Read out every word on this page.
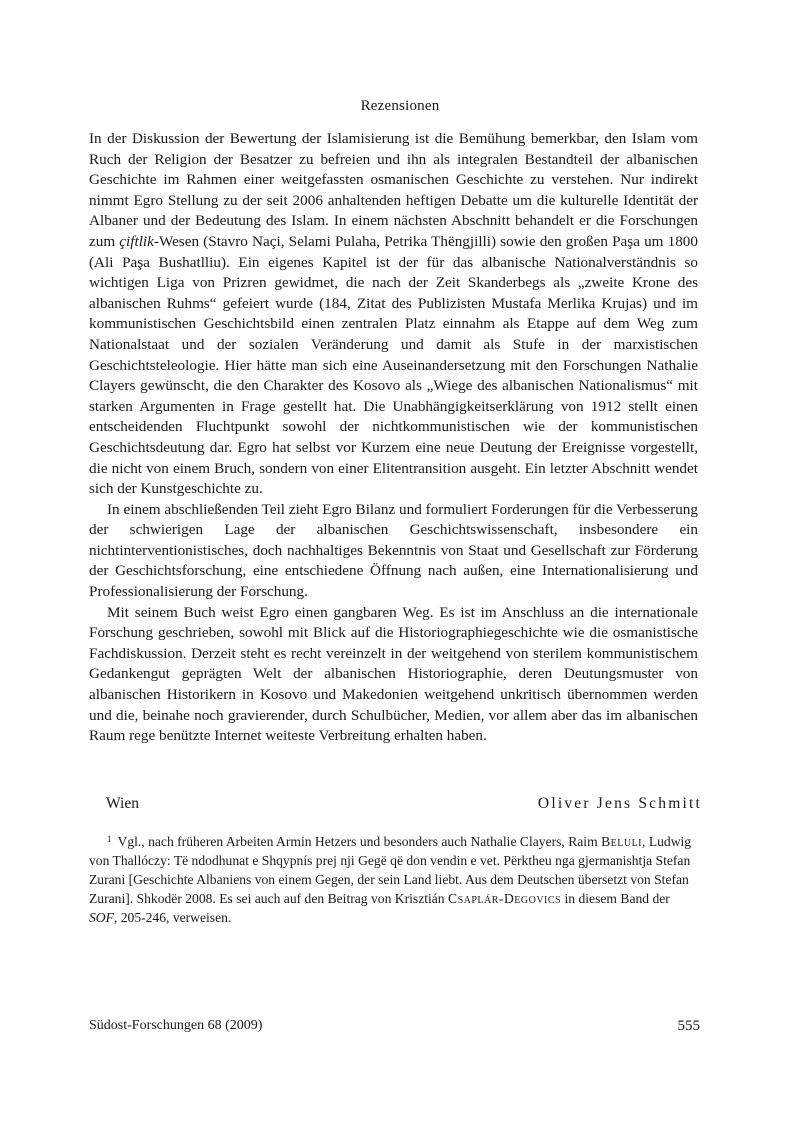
Rezensionen

In der Diskussion der Bewertung der Islamisierung ist die Bemühung bemerkbar, den Islam vom Ruch der Religion der Besatzer zu befreien und ihn als integralen Bestandteil der albanischen Geschichte im Rahmen einer weitgefassten osmanischen Geschichte zu verstehen. Nur indirekt nimmt Egro Stellung zu der seit 2006 anhaltenden heftigen Debatte um die kulturelle Identität der Albaner und der Bedeutung des Islam. In einem nächsten Abschnitt behandelt er die Forschungen zum çiftlik-Wesen (Stavro Naçi, Selami Pulaha, Petrika Thëngjilli) sowie den großen Paşa um 1800 (Ali Paşa Bushatlliu). Ein eigenes Kapitel ist der für das albanische Nationalverständnis so wichtigen Liga von Prizren gewidmet, die nach der Zeit Skanderbegs als „zweite Krone des albanischen Ruhms“ gefeiert wurde (184, Zitat des Publizisten Mustafa Merlika Krujas) und im kommunistischen Geschichtsbild einen zentralen Platz einnahm als Etappe auf dem Weg zum Nationalstaat und der sozialen Veränderung und damit als Stufe in der marxistischen Geschichtsteleologie. Hier hätte man sich eine Auseinandersetzung mit den Forschungen Nathalie Clayers gewünscht, die den Charakter des Kosovo als „Wiege des albanischen Nationalismus“ mit starken Argumenten in Frage gestellt hat. Die Unabhängigkeitserklärung von 1912 stellt einen entscheidenden Fluchtpunkt sowohl der nichtkommunistischen wie der kommunistischen Geschichtsdeutung dar. Egro hat selbst vor Kurzem eine neue Deutung der Ereignisse vorgestellt, die nicht von einem Bruch, sondern von einer Elitentransition ausgeht. Ein letzter Abschnitt wendet sich der Kunstgeschichte zu.

In einem abschließenden Teil zieht Egro Bilanz und formuliert Forderungen für die Verbesserung der schwierigen Lage der albanischen Geschichtswissenschaft, insbesondere ein nichtinterventionistisches, doch nachhaltiges Bekenntnis von Staat und Gesellschaft zur Förderung der Geschichtsforschung, eine entschiedene Öffnung nach außen, eine Internationalisierung und Professionalisierung der Forschung.

Mit seinem Buch weist Egro einen gangbaren Weg. Es ist im Anschluss an die internationale Forschung geschrieben, sowohl mit Blick auf die Historiographiegeschichte wie die osmanistische Fachdiskussion. Derzeit steht es recht vereinzelt in der weitgehend von sterilem kommunistischem Gedankengut geprägten Welt der albanischen Historiographie, deren Deutungsmuster von albanischen Historikern in Kosovo und Makedonien weitgehend unkritisch übernommen werden und die, beinahe noch gravierender, durch Schulbücher, Medien, vor allem aber das im albanischen Raum rege benützte Internet weiteste Verbreitung erhalten haben.

Wien	Oliver Jens Schmitt
$^1$ Vgl., nach früheren Arbeiten Armin Hetzers und besonders auch Nathalie Clayers, Raim Beluli, Ludwig von Thallóczy: Të ndodhunat e Shqypnís prej nji Gegë që don vendin e vet. Përktheu nga gjermanishtja Stefan Zurani [Geschichte Albaniens von einem Gegen, der sein Land liebt. Aus dem Deutschen übersetzt von Stefan Zurani]. Shkodër 2008. Es sei auch auf den Beitrag von Krisztián Csaplár-Degovics in diesem Band der SOF, 205-246, verweisen.
Südost-Forschungen 68 (2009)	555
